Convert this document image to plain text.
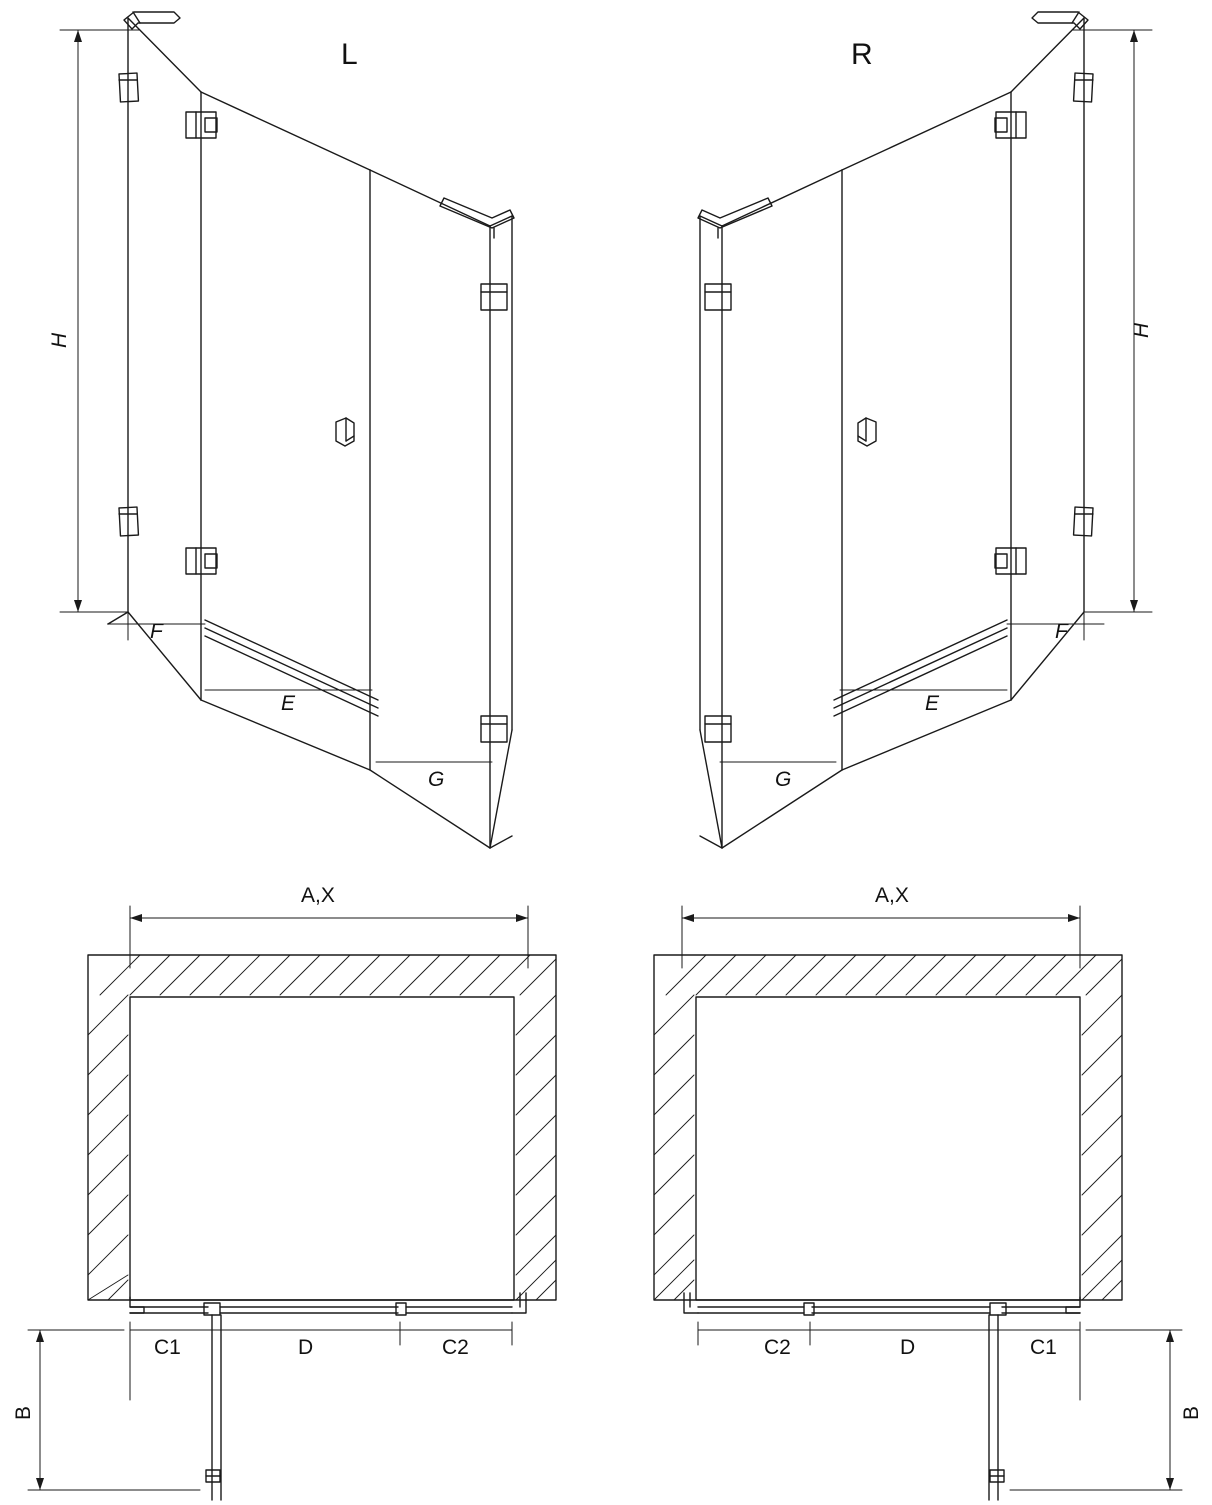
L	R
H
H
F
E
G
F
E
G
A,X	A,X
C1	D	C2	C2	D	C1
B	B
